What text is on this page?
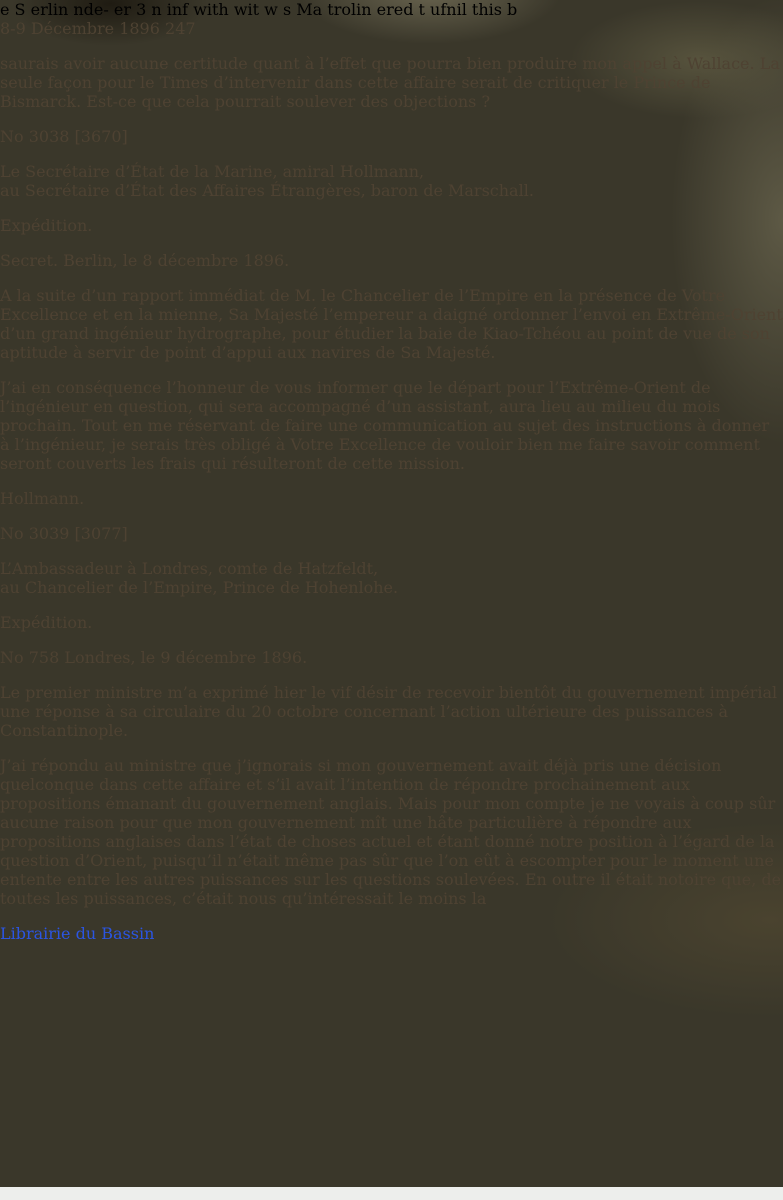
e S erlin nde- er 3 n inf with wit w s Ma trolin ered t ufnil this b
8-9 Décembre 1896 247

saurais avoir aucune certitude quant à l’effet que pourra bien produire mon appel à Wallace. La seule façon pour le Times d’intervenir dans cette affaire serait de critiquer le Prince de Bismarck. Est-ce que cela pourrait soulever des objections ?

No 3038 [3670]

Le Secrétaire d’État de la Marine, amiral Hollmann,
au Secrétaire d’État des Affaires Étrangères, baron de Marschall.

Expédition.

Secret. Berlin, le 8 décembre 1896.

A la suite d’un rapport immédiat de M. le Chancelier de l’Empire en la présence de Votre Excellence et en la mienne, Sa Majesté l’empereur a daigné ordonner l’envoi en Extrême-Orient d’un grand ingénieur hydrographe, pour étudier la baie de Kiao-Tchéou au point de vue de son aptitude à servir de point d’appui aux navires de Sa Majesté.

J’ai en conséquence l’honneur de vous informer que le départ pour l’Extrême-Orient de l’ingénieur en question, qui sera accompagné d’un assistant, aura lieu au milieu du mois prochain. Tout en me réservant de faire une communication au sujet des instructions à donner à l’ingénieur, je serais très obligé à Votre Excellence de vouloir bien me faire savoir comment seront couverts les frais qui résulteront de cette mission.

Hollmann.

No 3039 [3077]

L’Ambassadeur à Londres, comte de Hatzfeldt,
au Chancelier de l’Empire, Prince de Hohenlohe.

Expédition.

No 758 Londres, le 9 décembre 1896.

Le premier ministre m’a exprimé hier le vif désir de recevoir bientôt du gouvernement impérial une réponse à sa circulaire du 20 octobre concernant l’action ultérieure des puissances à Constantinople.

J’ai répondu au ministre que j’ignorais si mon gouvernement avait déjà pris une décision quelconque dans cette affaire et s’il avait l’intention de répondre prochainement aux propositions émanant du gouvernement anglais. Mais pour mon compte je ne voyais à coup sûr aucune raison pour que mon gouvernement mît une hâte particulière à répondre aux propositions anglaises dans l’état de choses actuel et étant donné notre position à l’égard de la question d’Orient, puisqu’il n’était même pas sûr que l’on eût à escompter pour le moment une entente entre les autres puissances sur les questions soulevées. En outre il était notoire que, de toutes les puissances, c’était nous qu’intéressait le moins la

Librairie du Bassin
